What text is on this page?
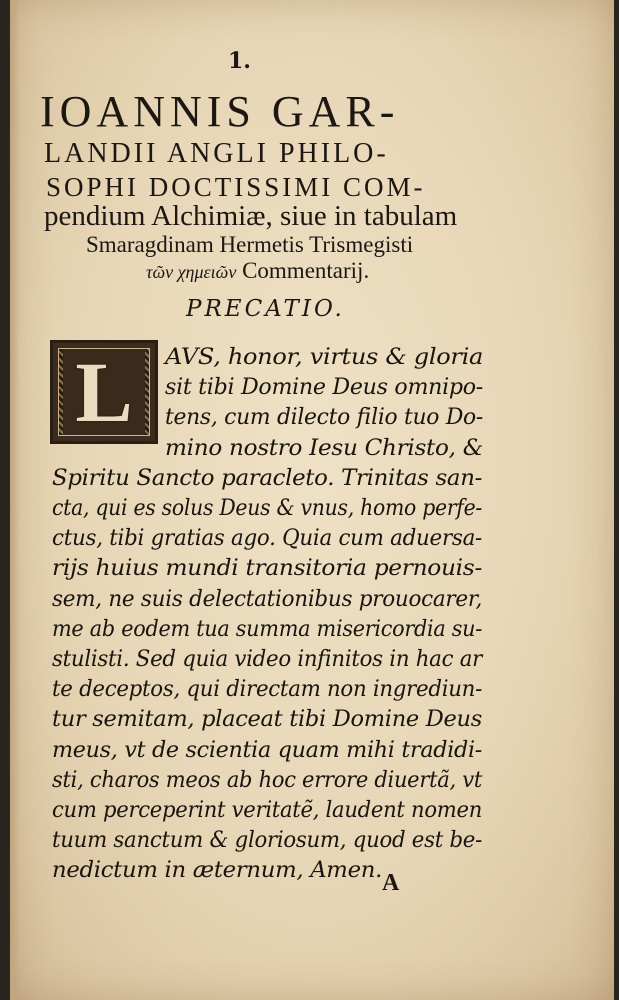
1.
IOANNIS GAR-
LANDII ANGLI PHILO-
SOPHI DOCTISSIMI COM-
pendium Alchimiæ, siue in tabulam
Smaragdinam Hermetis Trismegisti
τῶν χημειῶν Commentarij.
PRECATIO.
L	AVS, honor, virtus & gloria
sit tibi Domine Deus omnipo-
tens, cum dilecto filio tuo Do-
mino nostro Iesu Christo, &
Spiritu Sancto paracleto. Trinitas san-
cta, qui es solus Deus & vnus, homo perfe-
ctus, tibi gratias ago. Quia cum aduersa-
rijs huius mundi transitoria pernouis-
sem, ne suis delectationibus prouocarer,
me ab eodem tua summa misericordia su-
stulisti. Sed quia video infinitos in hac ar
te deceptos, qui directam non ingrediun-
tur semitam, placeat tibi Domine Deus
meus, vt de scientia quam mihi tradidi-
sti, charos meos ab hoc errore diuertã, vt
cum perceperint veritatẽ, laudent nomen
tuum sanctum & gloriosum, quod est be-
nedictum in æternum, Amen. A
